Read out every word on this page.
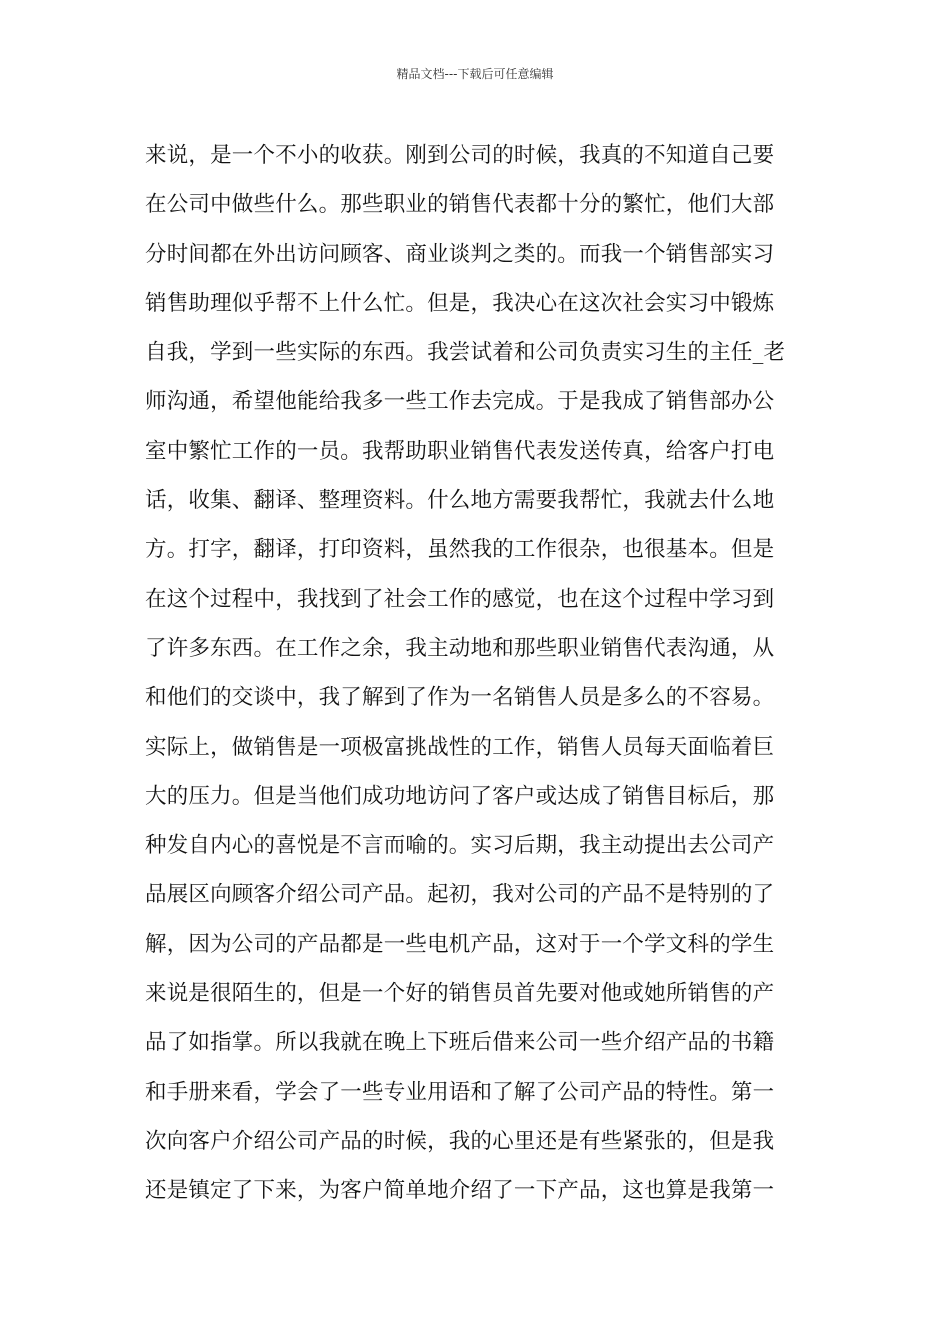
精品文档---下载后可任意编辑
来说，是一个不小的收获。刚到公司的时候，我真的不知道自己要
在公司中做些什么。那些职业的销售代表都十分的繁忙，他们大部
分时间都在外出访问顾客、商业谈判之类的。而我一个销售部实习
销售助理似乎帮不上什么忙。但是，我决心在这次社会实习中锻炼
自我，学到一些实际的东西。我尝试着和公司负责实习生的主任_老
师沟通，希望他能给我多一些工作去完成。于是我成了销售部办公
室中繁忙工作的一员。我帮助职业销售代表发送传真，给客户打电
话，收集、翻译、整理资料。什么地方需要我帮忙，我就去什么地
方。打字，翻译，打印资料，虽然我的工作很杂，也很基本。但是
在这个过程中，我找到了社会工作的感觉，也在这个过程中学习到
了许多东西。在工作之余，我主动地和那些职业销售代表沟通，从
和他们的交谈中，我了解到了作为一名销售人员是多么的不容易。
实际上，做销售是一项极富挑战性的工作，销售人员每天面临着巨
大的压力。但是当他们成功地访问了客户或达成了销售目标后，那
种发自内心的喜悦是不言而喻的。实习后期，我主动提出去公司产
品展区向顾客介绍公司产品。起初，我对公司的产品不是特别的了
解，因为公司的产品都是一些电机产品，这对于一个学文科的学生
来说是很陌生的，但是一个好的销售员首先要对他或她所销售的产
品了如指掌。所以我就在晚上下班后借来公司一些介绍产品的书籍
和手册来看，学会了一些专业用语和了解了公司产品的特性。第一
次向客户介绍公司产品的时候，我的心里还是有些紧张的，但是我
还是镇定了下来，为客户简单地介绍了一下产品，这也算是我第一
